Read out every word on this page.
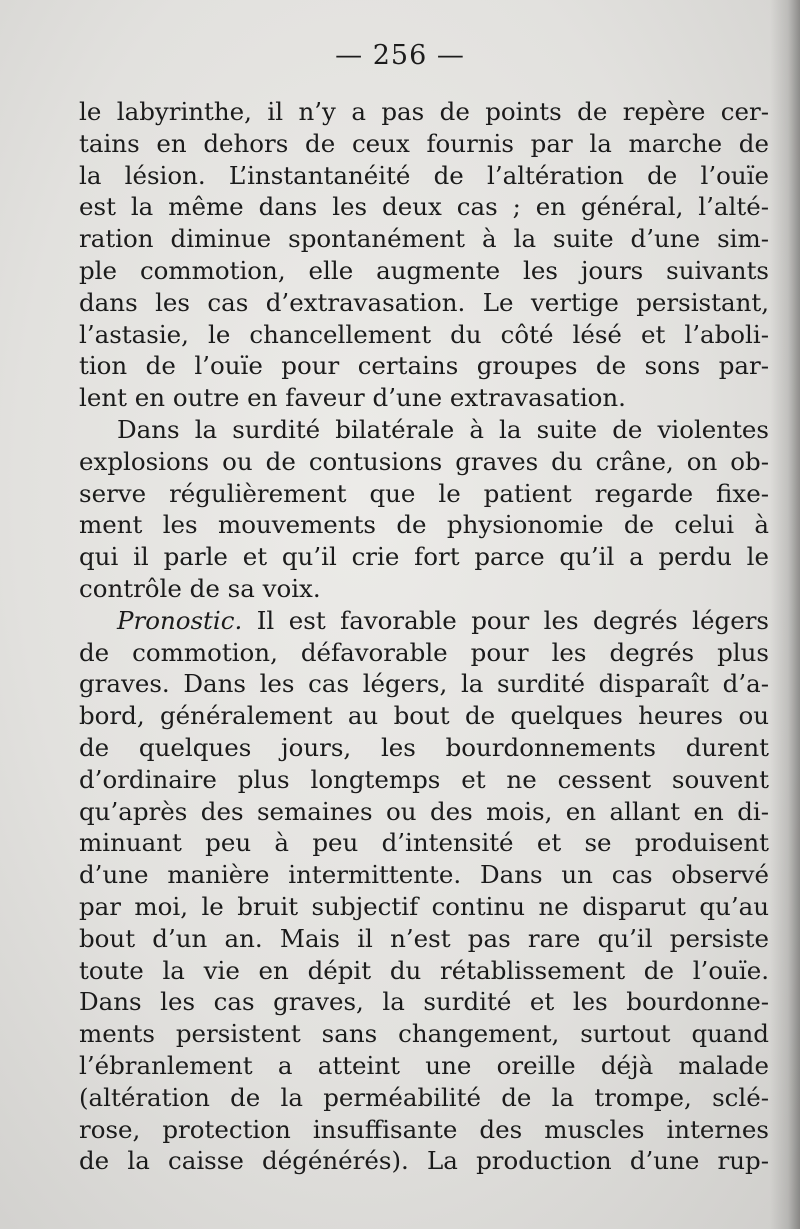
— 256 —
le labyrinthe, il n’y a pas de points de repère cer-
tains en dehors de ceux fournis par la marche de
la lésion. L’instantanéité de l’altération de l’ouïe
est la même dans les deux cas ; en général, l’alté-
ration diminue spontanément à la suite d’une sim-
ple commotion, elle augmente les jours suivants
dans les cas d’extravasation. Le vertige persistant,
l’astasie, le chancellement du côté lésé et l’aboli-
tion de l’ouïe pour certains groupes de sons par-
lent en outre en faveur d’une extravasation.
Dans la surdité bilatérale à la suite de violentes
explosions ou de contusions graves du crâne, on ob-
serve régulièrement que le patient regarde fixe-
ment les mouvements de physionomie de celui à
qui il parle et qu’il crie fort parce qu’il a perdu le
contrôle de sa voix.
Pronostic. Il est favorable pour les degrés légers
de commotion, défavorable pour les degrés plus
graves. Dans les cas légers, la surdité disparaît d’a-
bord, généralement au bout de quelques heures ou
de quelques jours, les bourdonnements durent
d’ordinaire plus longtemps et ne cessent souvent
qu’après des semaines ou des mois, en allant en di-
minuant peu à peu d’intensité et se produisent
d’une manière intermittente. Dans un cas observé
par moi, le bruit subjectif continu ne disparut qu’au
bout d’un an. Mais il n’est pas rare qu’il persiste
toute la vie en dépit du rétablissement de l’ouïe.
Dans les cas graves, la surdité et les bourdonne-
ments persistent sans changement, surtout quand
l’ébranlement a atteint une oreille déjà malade
(altération de la perméabilité de la trompe, sclé-
rose, protection insuffisante des muscles internes
de la caisse dégénérés). La production d’une rup-
